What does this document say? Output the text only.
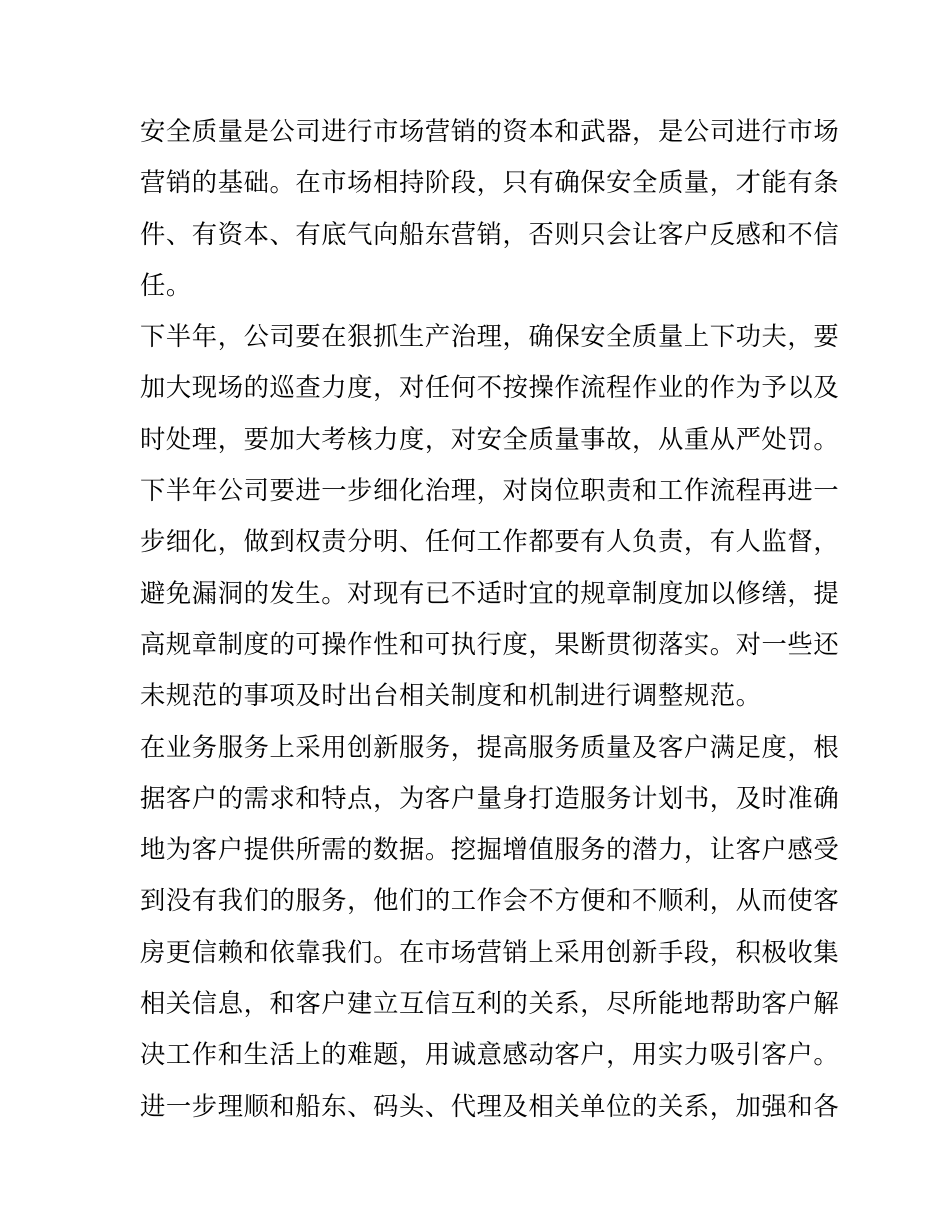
安全质量是公司进行市场营销的资本和武器，是公司进行市场
营销的基础。在市场相持阶段，只有确保安全质量，才能有条
件、有资本、有底气向船东营销，否则只会让客户反感和不信
任。
下半年，公司要在狠抓生产治理，确保安全质量上下功夫，要
加大现场的巡查力度，对任何不按操作流程作业的作为予以及
时处理，要加大考核力度，对安全质量事故，从重从严处罚。
下半年公司要进一步细化治理，对岗位职责和工作流程再进一
步细化，做到权责分明、任何工作都要有人负责，有人监督，
避免漏洞的发生。对现有已不适时宜的规章制度加以修缮，提
高规章制度的可操作性和可执行度，果断贯彻落实。对一些还
未规范的事项及时出台相关制度和机制进行调整规范。
在业务服务上采用创新服务，提高服务质量及客户满足度，根
据客户的需求和特点，为客户量身打造服务计划书，及时准确
地为客户提供所需的数据。挖掘增值服务的潜力，让客户感受
到没有我们的服务，他们的工作会不方便和不顺利，从而使客
房更信赖和依靠我们。在市场营销上采用创新手段，积极收集
相关信息，和客户建立互信互利的关系，尽所能地帮助客户解
决工作和生活上的难题，用诚意感动客户，用实力吸引客户。
进一步理顺和船东、码头、代理及相关单位的关系，加强和各
